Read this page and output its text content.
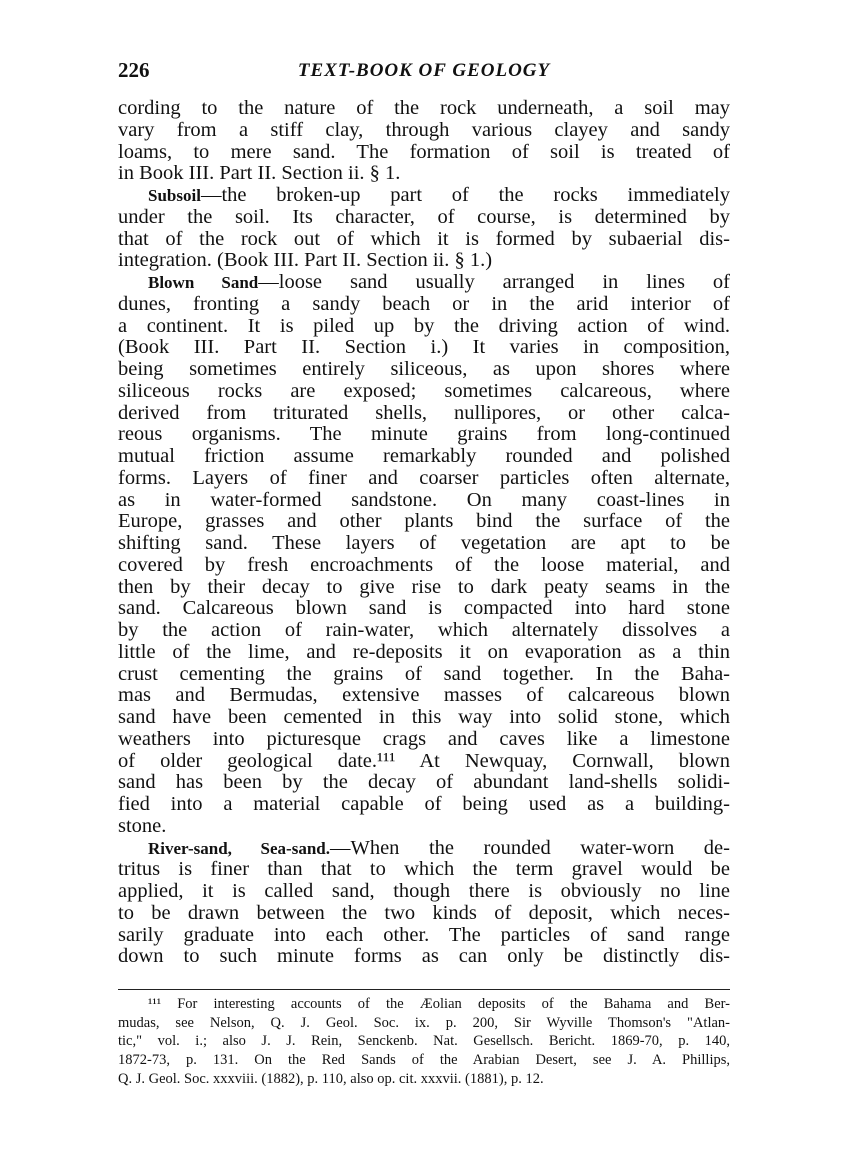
226	TEXT-BOOK OF GEOLOGY
cording to the nature of the rock underneath, a soil may
vary from a stiff clay, through various clayey and sandy
loams, to mere sand. The formation of soil is treated of
in Book III. Part II. Section ii. § 1.
Subsoil—the broken-up part of the rocks immediately
under the soil. Its character, of course, is determined by
that of the rock out of which it is formed by subaerial dis-
integration. (Book III. Part II. Section ii. § 1.)
Blown Sand—loose sand usually arranged in lines of
dunes, fronting a sandy beach or in the arid interior of
a continent. It is piled up by the driving action of wind.
(Book III. Part II. Section i.) It varies in composition,
being sometimes entirely siliceous, as upon shores where
siliceous rocks are exposed; sometimes calcareous, where
derived from triturated shells, nullipores, or other calca-
reous organisms. The minute grains from long-continued
mutual friction assume remarkably rounded and polished
forms. Layers of finer and coarser particles often alternate,
as in water-formed sandstone. On many coast-lines in
Europe, grasses and other plants bind the surface of the
shifting sand. These layers of vegetation are apt to be
covered by fresh encroachments of the loose material, and
then by their decay to give rise to dark peaty seams in the
sand. Calcareous blown sand is compacted into hard stone
by the action of rain-water, which alternately dissolves a
little of the lime, and re-deposits it on evaporation as a thin
crust cementing the grains of sand together. In the Baha-
mas and Bermudas, extensive masses of calcareous blown
sand have been cemented in this way into solid stone, which
weathers into picturesque crags and caves like a limestone
of older geological date.¹¹¹ At Newquay, Cornwall, blown
sand has been by the decay of abundant land-shells solidi-
fied into a material capable of being used as a building-
stone.
River-sand, Sea-sand.—When the rounded water-worn de-
tritus is finer than that to which the term gravel would be
applied, it is called sand, though there is obviously no line
to be drawn between the two kinds of deposit, which neces-
sarily graduate into each other. The particles of sand range
down to such minute forms as can only be distinctly dis-
¹¹¹ For interesting accounts of the Æolian deposits of the Bahama and Ber-
mudas, see Nelson, Q. J. Geol. Soc. ix. p. 200, Sir Wyville Thomson's "Atlan-
tic," vol. i.; also J. J. Rein, Senckenb. Nat. Gesellsch. Bericht. 1869-70, p. 140,
1872-73, p. 131. On the Red Sands of the Arabian Desert, see J. A. Phillips,
Q. J. Geol. Soc. xxxviii. (1882), p. 110, also op. cit. xxxvii. (1881), p. 12.
